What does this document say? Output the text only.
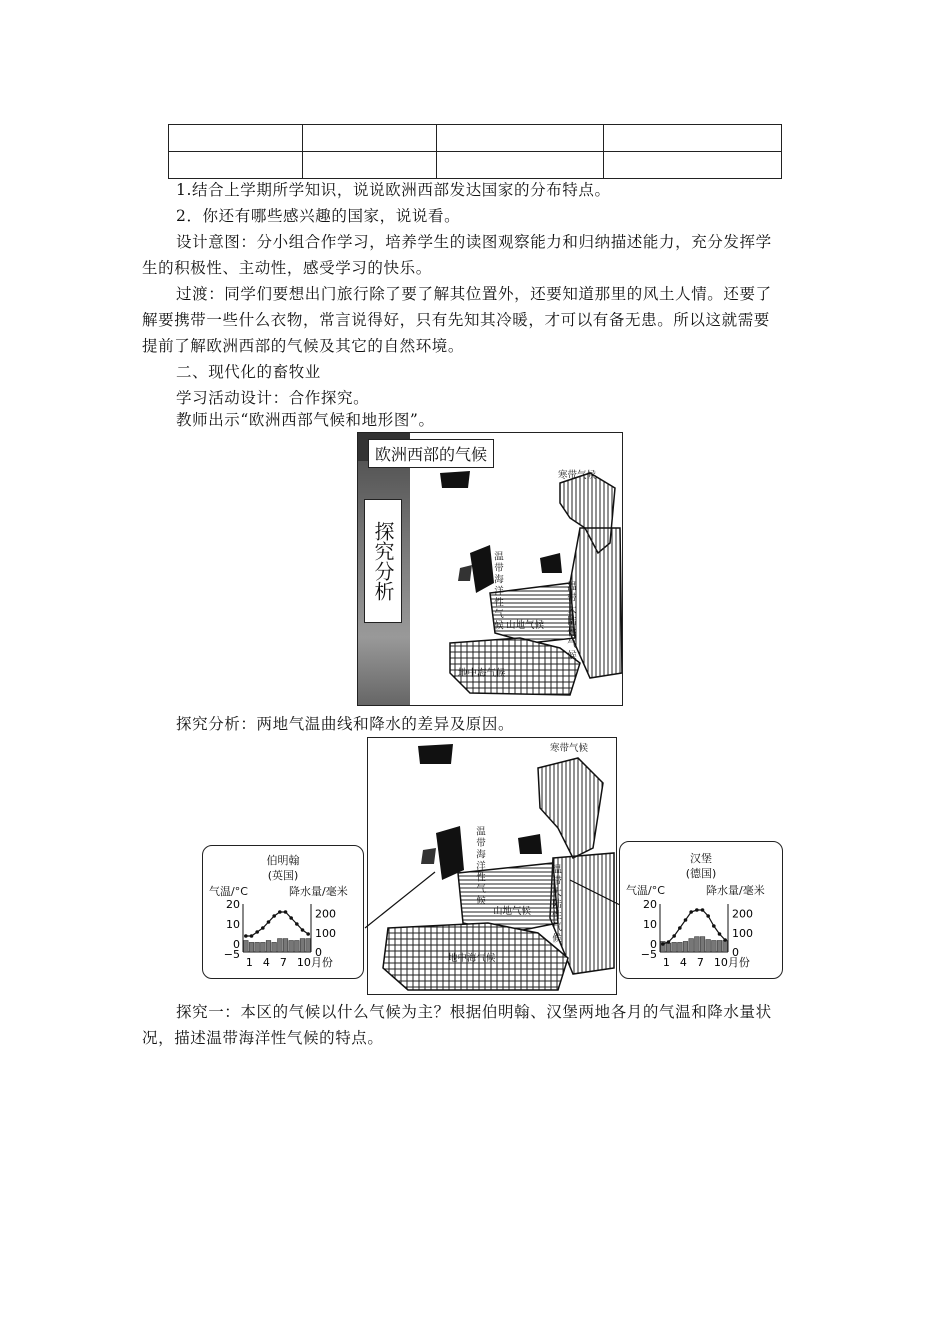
1.结合上学期所学知识，说说欧洲西部发达国家的分布特点。
2．你还有哪些感兴趣的国家，说说看。
设计意图：分小组合作学习，培养学生的读图观察能力和归纳描述能力，充分发挥学
生的积极性、主动性，感受学习的快乐。
过渡：同学们要想出门旅行除了要了解其位置外，还要知道那里的风土人情。还要了
解要携带一些什么衣物，常言说得好，只有先知其冷暖，才可以有备无患。所以这就需要
提前了解欧洲西部的气候及其它的自然环境。
二、现代化的畜牧业
学习活动设计：合作探究。
教师出示“欧洲西部气候和地形图”。
欧洲西部的气候
探究分析
寒带气候
温带海洋性气候	温带大陆性气候
山地气候
地中海气候
探究分析：两地气温曲线和降水的差异及原因。
寒带气候
温带海洋性气候	温带大陆性气候
山地气候
地中海气候
伯明翰
(英国)
气温/°C	降水量/毫米
20
10
0
−5
200
100
0
1 4 7 10月份
汉堡
(德国)
气温/°C	降水量/毫米
20
10
0
−5
200
100
0
1 4 7 10月份
探究一：本区的气候以什么气候为主？根据伯明翰、汉堡两地各月的气温和降水量状
况，描述温带海洋性气候的特点。
